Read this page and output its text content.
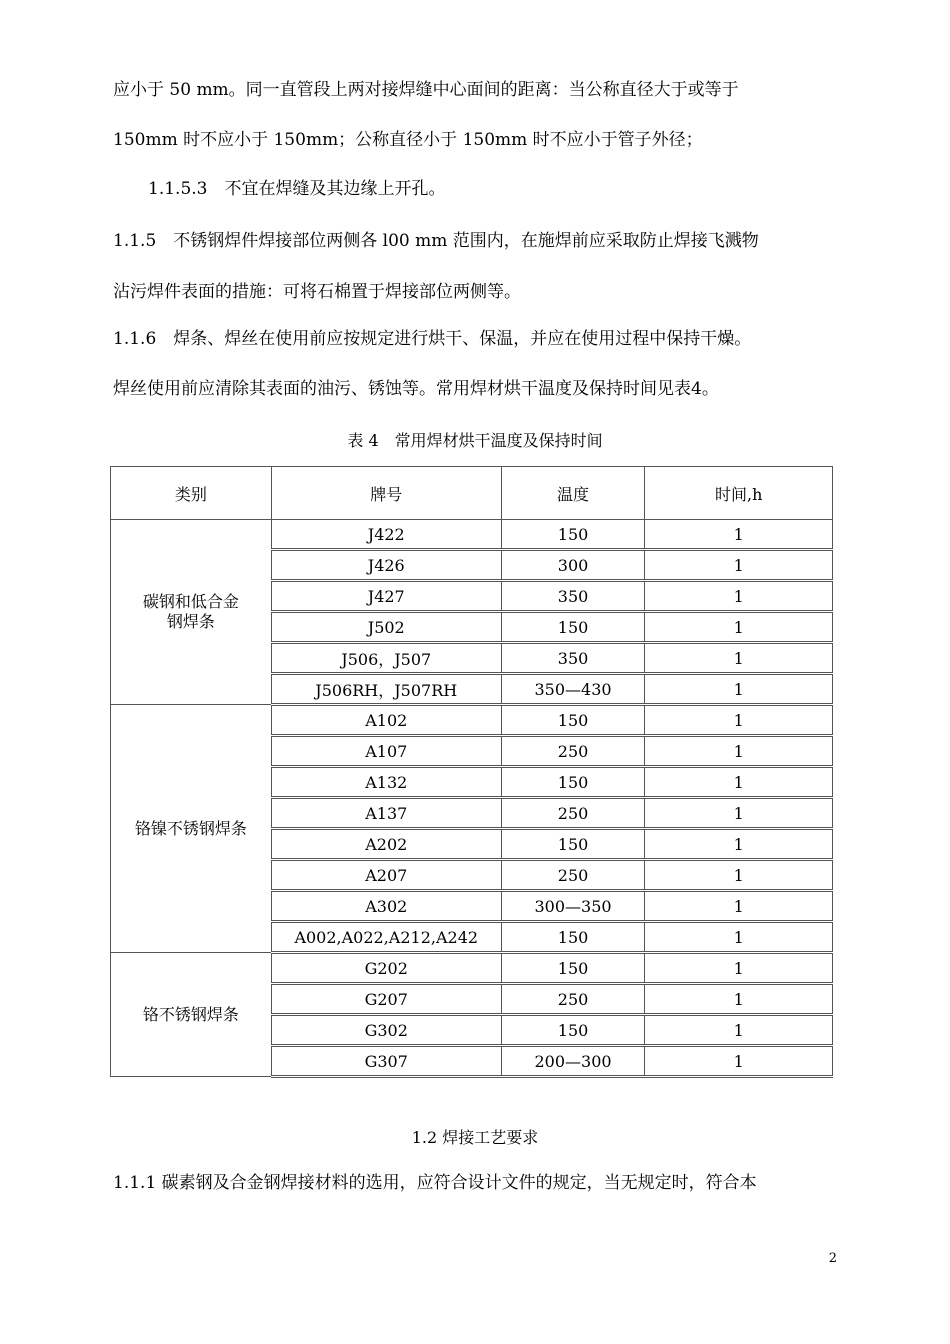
应小于 50 mm。同一直管段上两对接焊缝中心面间的距离：当公称直径大于或等于
150mm 时不应小于 150mm；公称直径小于 150mm 时不应小于管子外径；
1.1.5.3　不宜在焊缝及其边缘上开孔。
1.1.5　不锈钢焊件焊接部位两侧各 l00 mm 范围内，在施焊前应采取防止焊接飞溅物
沾污焊件表面的措施：可将石棉置于焊接部位两侧等。
1.1.6　焊条、焊丝在使用前应按规定进行烘干、保温，并应在使用过程中保持干燥。
焊丝使用前应清除其表面的油污、锈蚀等。常用焊材烘干温度及保持时间见表4。
表 4　常用焊材烘干温度及保持时间
类别	牌号	温度	时间,h

碳钢和低合金钢焊条	J422	150	1
	J426	300	1
	J427	350	1
	J502	150	1
	J506，J507	350	1
	J506RH，J507RH	350—430	1
铬镍不锈钢焊条	A102	150	1
	A107	250	1
	A132	150	1
	A137	250	1
	A202	150	1
	A207	250	1
	A302	300—350	1
	A002,A022,A212,A242	150	1
铬不锈钢焊条	G202	150	1
	G207	250	1
	G302	150	1
	G307	200—300	1
1.2 焊接工艺要求
1.1.1 碳素钢及合金钢焊接材料的选用，应符合设计文件的规定，当无规定时，符合本
2
